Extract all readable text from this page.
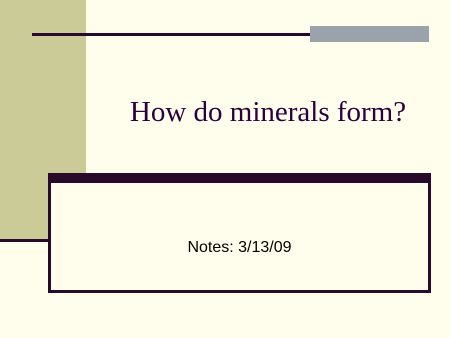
How do minerals form?
Notes: 3/13/09
